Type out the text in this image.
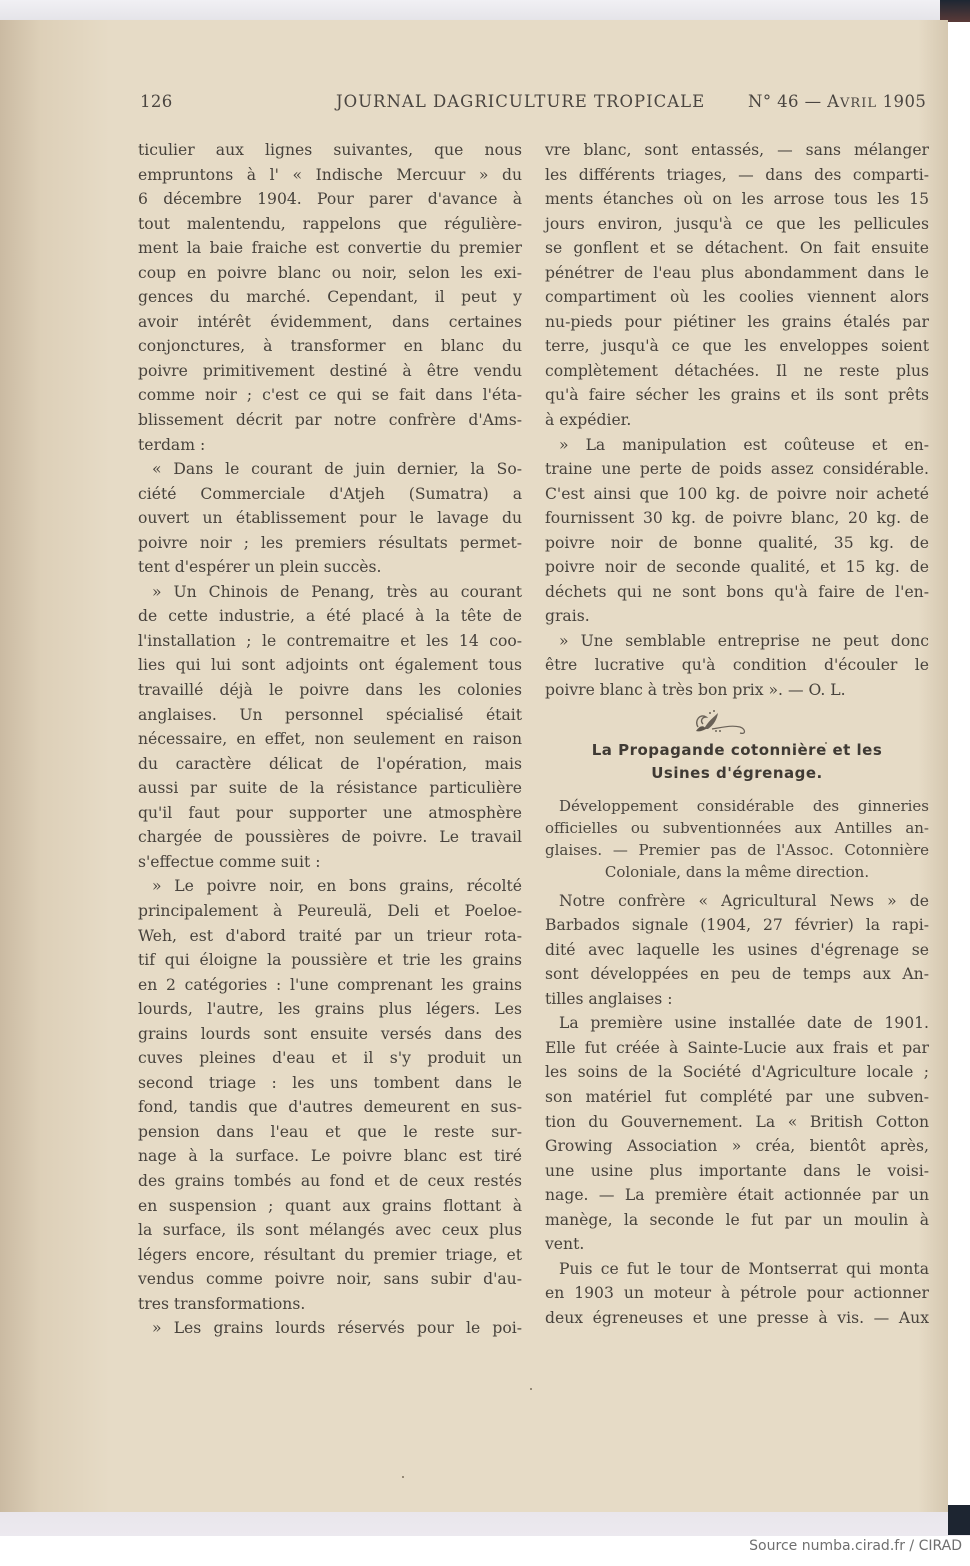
126	JOURNAL DAGRICULTURE TROPICALE	N° 46 — AVRIL 1905
ticulier aux lignes suivantes, que nous
empruntons à l' « Indische Mercuur » du
6 décembre 1904. Pour parer d'avance à
tout malentendu, rappelons que régulière-
ment la baie fraiche est convertie du premier
coup en poivre blanc ou noir, selon les exi-
gences du marché. Cependant, il peut y
avoir intérêt évidemment, dans certaines
conjonctures, à transformer en blanc du
poivre primitivement destiné à être vendu
comme noir ; c'est ce qui se fait dans l'éta-
blissement décrit par notre confrère d'Ams-
terdam :
« Dans le courant de juin dernier, la So-
ciété Commerciale d'Atjeh (Sumatra) a
ouvert un établissement pour le lavage du
poivre noir ; les premiers résultats permet-
tent d'espérer un plein succès.
» Un Chinois de Penang, très au courant
de cette industrie, a été placé à la tête de
l'installation ; le contremaitre et les 14 coo-
lies qui lui sont adjoints ont également tous
travaillé déjà le poivre dans les colonies
anglaises. Un personnel spécialisé était
nécessaire, en effet, non seulement en raison
du caractère délicat de l'opération, mais
aussi par suite de la résistance particulière
qu'il faut pour supporter une atmosphère
chargée de poussières de poivre. Le travail
s'effectue comme suit :
» Le poivre noir, en bons grains, récolté
principalement à Peureulä, Deli et Poeloe-
Weh, est d'abord traité par un trieur rota-
tif qui éloigne la poussière et trie les grains
en 2 catégories : l'une comprenant les grains
lourds, l'autre, les grains plus légers. Les
grains lourds sont ensuite versés dans des
cuves pleines d'eau et il s'y produit un
second triage : les uns tombent dans le
fond, tandis que d'autres demeurent en sus-
pension dans l'eau et que le reste sur-
nage à la surface. Le poivre blanc est tiré
des grains tombés au fond et de ceux restés
en suspension ; quant aux grains flottant à
la surface, ils sont mélangés avec ceux plus
légers encore, résultant du premier triage, et
vendus comme poivre noir, sans subir d'au-
tres transformations.
» Les grains lourds réservés pour le poi-
vre blanc, sont entassés, — sans mélanger
les différents triages, — dans des comparti-
ments étanches où on les arrose tous les 15
jours environ, jusqu'à ce que les pellicules
se gonflent et se détachent. On fait ensuite
pénétrer de l'eau plus abondamment dans le
compartiment où les coolies viennent alors
nu-pieds pour piétiner les grains étalés par
terre, jusqu'à ce que les enveloppes soient
complètement détachées. Il ne reste plus
qu'à faire sécher les grains et ils sont prêts
à expédier.
» La manipulation est coûteuse et en-
traine une perte de poids assez considérable.
C'est ainsi que 100 kg. de poivre noir acheté
fournissent 30 kg. de poivre blanc, 20 kg. de
poivre noir de bonne qualité, 35 kg. de
poivre noir de seconde qualité, et 15 kg. de
déchets qui ne sont bons qu'à faire de l'en-
grais.
» Une semblable entreprise ne peut donc
être lucrative qu'à condition d'écouler le
poivre blanc à très bon prix ». — O. L.
La Propagande cotonnière et les
Usines d'égrenage.
Développement considérable des ginneries
officielles ou subventionnées aux Antilles an-
glaises. — Premier pas de l'Assoc. Cotonnière
Coloniale, dans la même direction.
Notre confrère « Agricultural News » de
Barbados signale (1904, 27 février) la rapi-
dité avec laquelle les usines d'égrenage se
sont développées en peu de temps aux An-
tilles anglaises :
La première usine installée date de 1901.
Elle fut créée à Sainte-Lucie aux frais et par
les soins de la Société d'Agriculture locale ;
son matériel fut complété par une subven-
tion du Gouvernement. La « British Cotton
Growing Association » créa, bientôt après,
une usine plus importante dans le voisi-
nage. — La première était actionnée par un
manège, la seconde le fut par un moulin à
vent.
Puis ce fut le tour de Montserrat qui monta
en 1903 un moteur à pétrole pour actionner
deux égreneuses et une presse à vis. — Aux
Source numba.cirad.fr / CIRAD
